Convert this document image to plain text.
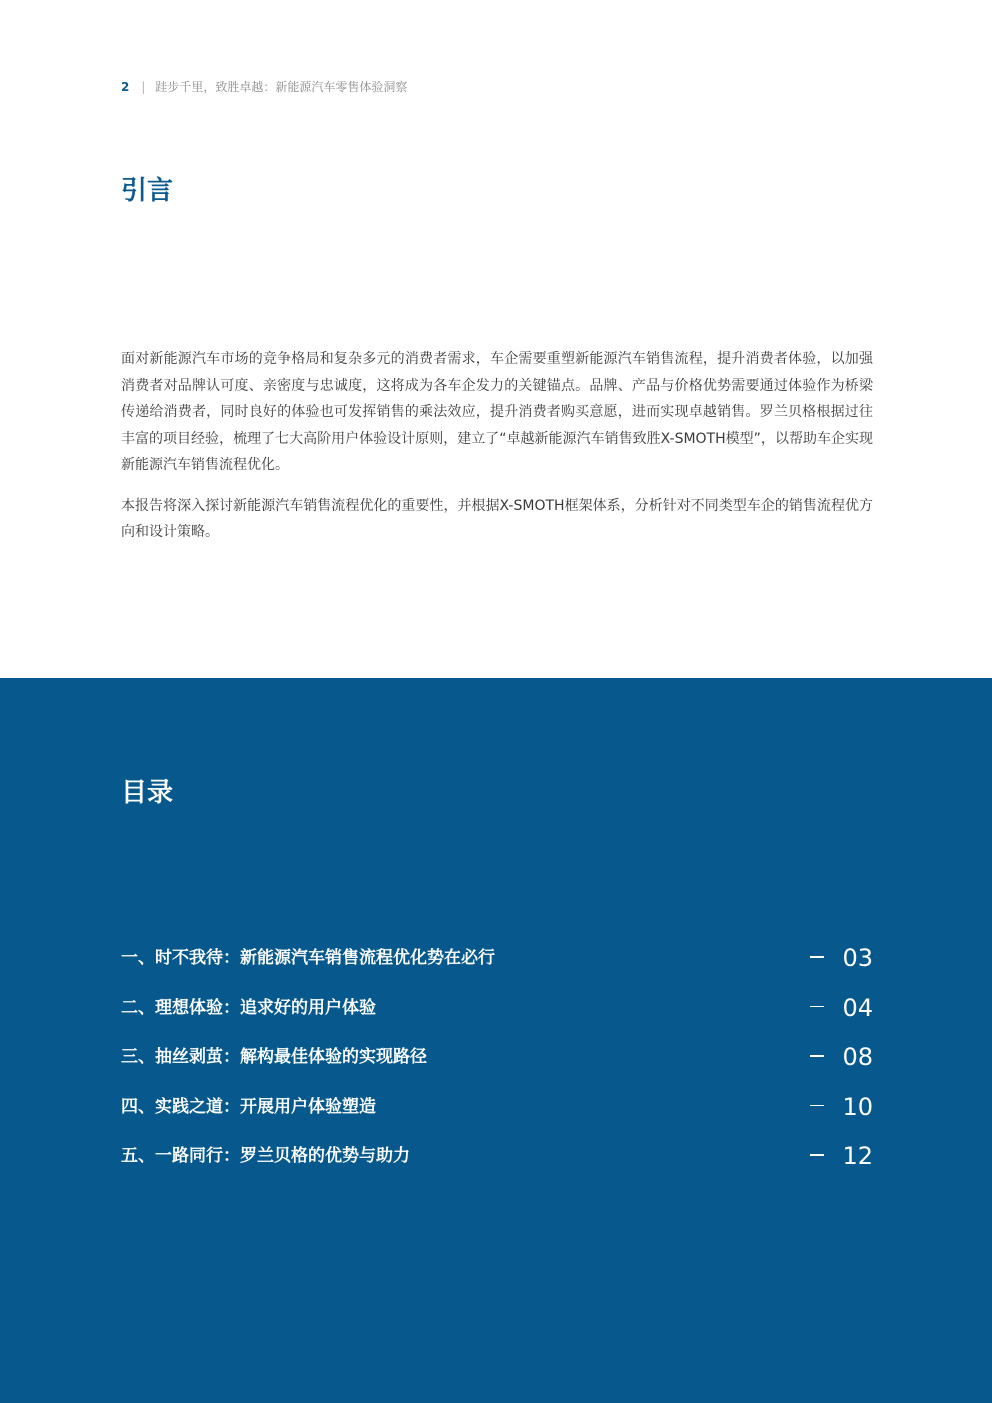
2 | 跬步千里，致胜卓越：新能源汽车零售体验洞察
引言

面对新能源汽车市场的竞争格局和复杂多元的消费者需求，车企需要重塑新能源汽车销售流程，提升消费者体验，以加强消费者对品牌认可度、亲密度与忠诚度，这将成为各车企发力的关键锚点。品牌、产品与价格优势需要通过体验作为桥梁传递给消费者，同时良好的体验也可发挥销售的乘法效应，提升消费者购买意愿，进而实现卓越销售。罗兰贝格根据过往丰富的项目经验，梳理了七大高阶用户体验设计原则，建立了“卓越新能源汽车销售致胜X-SMOTH模型”，以帮助车企实现新能源汽车销售流程优化。

本报告将深入探讨新能源汽车销售流程优化的重要性，并根据X-SMOTH框架体系，分析针对不同类型车企的销售流程优方向和设计策略。

目录
一、时不我待：新能源汽车销售流程优化势在必行	03
二、理想体验：追求好的用户体验	04
三、抽丝剥茧：解构最佳体验的实现路径	08
四、实践之道：开展用户体验塑造	10
五、一路同行：罗兰贝格的优势与助力	12
